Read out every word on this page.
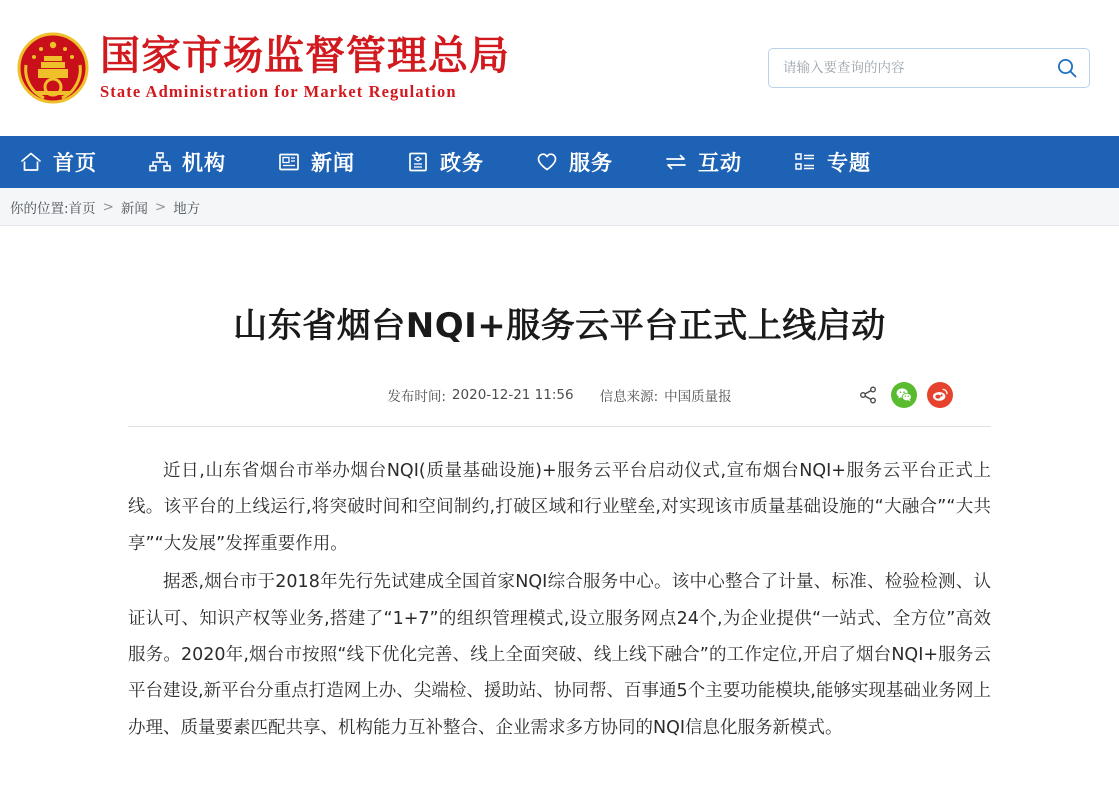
国家市场监督管理总局
State Administration for Market Regulation
请输入要查询的内容
首页	机构	新闻	政务	服务	互动	专题
你的位置: 首页 > 新闻 > 地方
山东省烟台NQI+服务云平台正式上线启动
发布时间: 2020-12-21 11:56 信息来源: 中国质量报

近日,山东省烟台市举办烟台NQI(质量基础设施)+服务云平台启动仪式,宣布烟台NQI+服务云平台正式上线。该平台的上线运行,将突破时间和空间制约,打破区域和行业壁垒,对实现该市质量基础设施的“大融合”“大共享”“大发展”发挥重要作用。

据悉,烟台市于2018年先行先试建成全国首家NQI综合服务中心。该中心整合了计量、标准、检验检测、认证认可、知识产权等业务,搭建了“1+7”的组织管理模式,设立服务网点24个,为企业提供“一站式、全方位”高效服务。2020年,烟台市按照“线下优化完善、线上全面突破、线上线下融合”的工作定位,开启了烟台NQI+服务云平台建设,新平台分重点打造网上办、尖端检、援助站、协同帮、百事通5个主要功能模块,能够实现基础业务网上办理、质量要素匹配共享、机构能力互补整合、企业需求多方协同的NQI信息化服务新模式。
